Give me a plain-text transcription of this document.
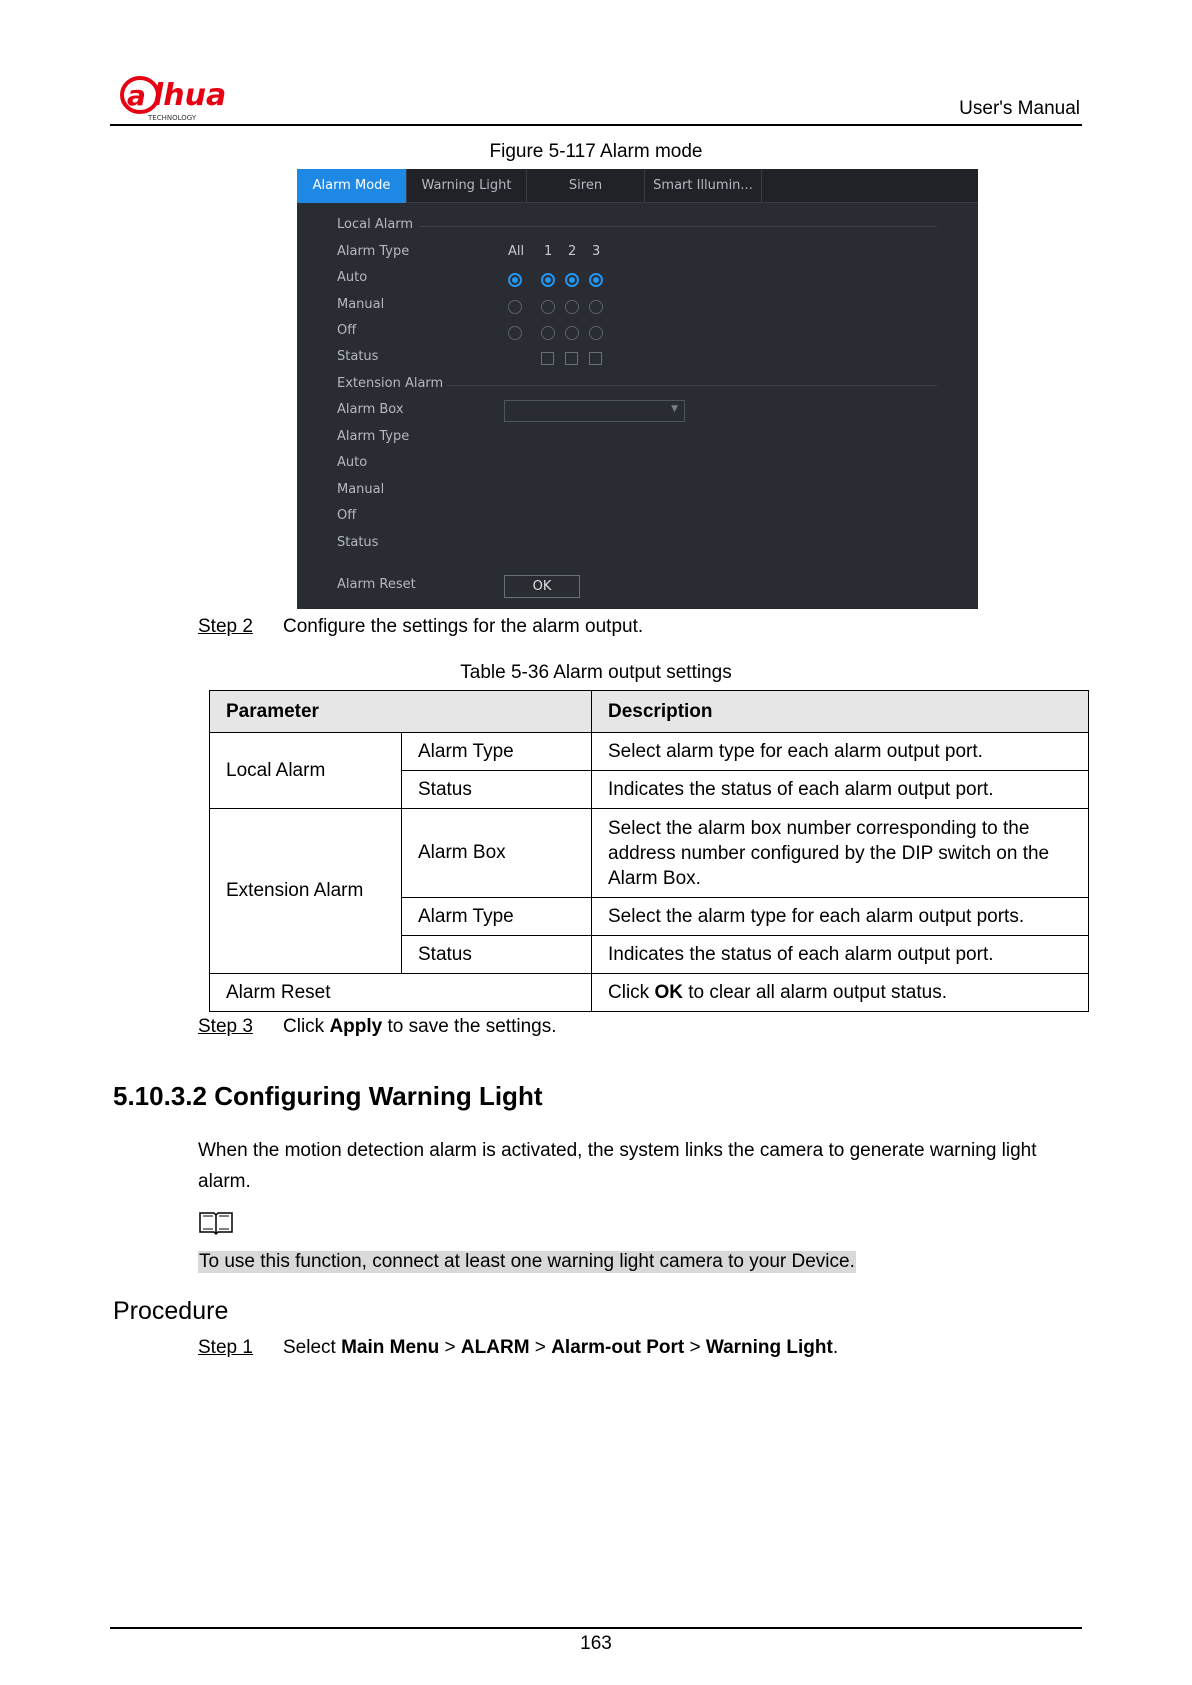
a lhua
TECHNOLOGY	User's Manual
Figure 5-117 Alarm mode
Alarm Mode	Warning Light	Siren	Smart Illumin...
Local Alarm
Alarm Type	All 1 2 3
Auto
Manual
Off
Status
Extension Alarm
Alarm Box	▼
Alarm Type
Auto
Manual
Off
Status
Alarm Reset	OK
Step 2 Configure the settings for the alarm output.
Table 5-36 Alarm output settings
Parameter		Description
Local Alarm	Alarm Type	Select alarm type for each alarm output port.
	Status	Indicates the status of each alarm output port.
Extension Alarm	Alarm Box	Select the alarm box number corresponding to the address number configured by the DIP switch on the Alarm Box.
	Alarm Type	Select the alarm type for each alarm output ports.
	Status	Indicates the status of each alarm output port.
Alarm Reset		Click OK to clear all alarm output status.
Step 3 Click Apply to save the settings.
5.10.3.2 Configuring Warning Light
When the motion detection alarm is activated, the system links the camera to generate warning light alarm.
To use this function, connect at least one warning light camera to your Device.
Procedure
Step 1 Select Main Menu > ALARM > Alarm-out Port > Warning Light.
163
